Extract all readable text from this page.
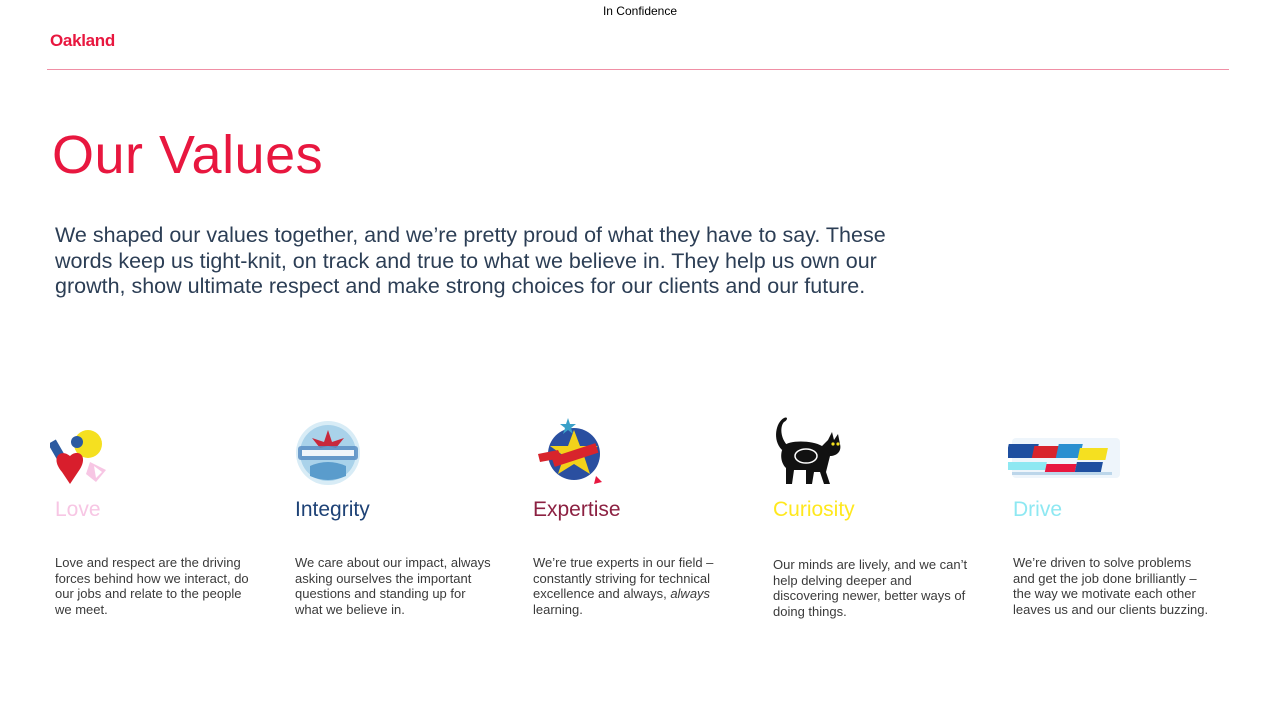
In Confidence
Oakland
Our Values

We shaped our values together, and we’re pretty proud of what they have to say. These words keep us tight-knit, on track and true to what we believe in. They help us own our growth, show ultimate respect and make strong choices for our clients and our future.

Love

Love and respect are the driving forces behind how we interact, do our jobs and relate to the people we meet.

Integrity

We care about our impact, always asking ourselves the important questions and standing up for what we believe in.

Expertise

We’re true experts in our field – constantly striving for technical excellence and always, always learning.

Curiosity

Our minds are lively, and we can’t help delving deeper and discovering newer, better ways of doing things.

Drive

We’re driven to solve problems and get the job done brilliantly – the way we motivate each other leaves us and our clients buzzing.
